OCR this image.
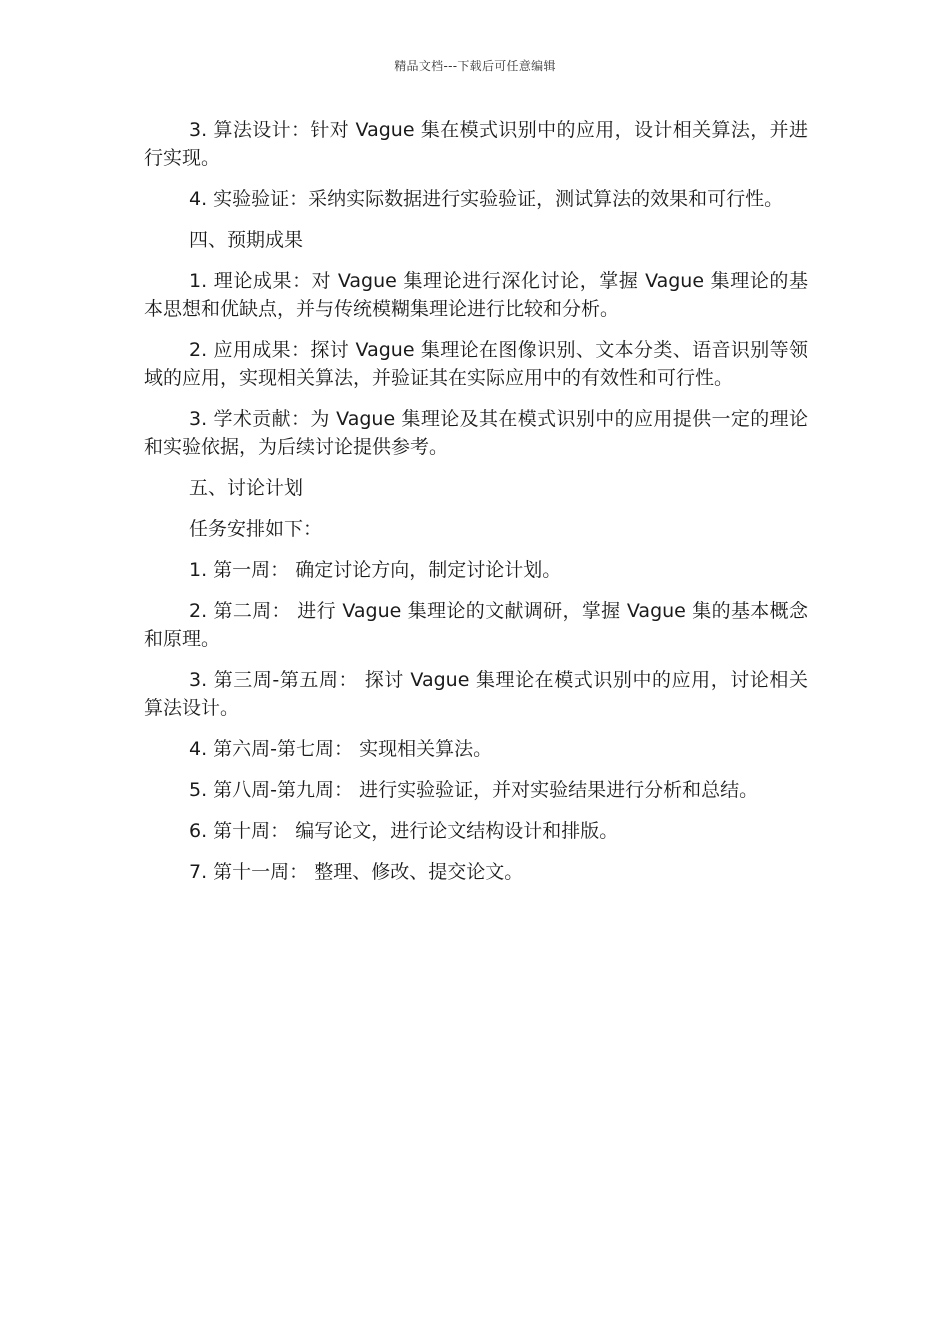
精品文档---下载后可任意编辑

3. 算法设计：针对 Vague 集在模式识别中的应用，设计相关算法，并进行实现。

4. 实验验证：采纳实际数据进行实验验证，测试算法的效果和可行性。

四、预期成果

1. 理论成果：对 Vague 集理论进行深化讨论，掌握 Vague 集理论的基本思想和优缺点，并与传统模糊集理论进行比较和分析。

2. 应用成果：探讨 Vague 集理论在图像识别、文本分类、语音识别等领域的应用，实现相关算法，并验证其在实际应用中的有效性和可行性。

3. 学术贡献：为 Vague 集理论及其在模式识别中的应用提供一定的理论和实验依据，为后续讨论提供参考。

五、讨论计划

任务安排如下：

1. 第一周： 确定讨论方向，制定讨论计划。

2. 第二周： 进行 Vague 集理论的文献调研，掌握 Vague 集的基本概念和原理。

3. 第三周-第五周： 探讨 Vague 集理论在模式识别中的应用，讨论相关算法设计。

4. 第六周-第七周： 实现相关算法。

5. 第八周-第九周： 进行实验验证，并对实验结果进行分析和总结。

6. 第十周： 编写论文，进行论文结构设计和排版。

7. 第十一周： 整理、修改、提交论文。
